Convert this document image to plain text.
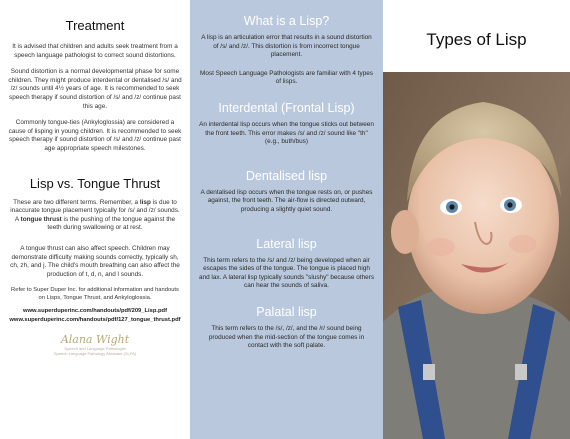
Treatment

It is advised that children and adults seek treatment from a speech language pathologist to correct sound distortions.

Sound distortion is a normal developmental phase for some children. They might produce interdental or dentalised /s/ and /z/ sounds until 4½ years of age. It is recommended to seek speech therapy if sound distortion of /s/ and /z/ continue past this age.

Commonly tongue-ties (Ankyloglossia) are considered a cause of lisping in young children. It is recommended to seek speech therapy if sound distortion of /s/ and /z/ continue past age appropriate speech milestones.

Lisp vs. Tongue Thrust

These are two different terms. Remember, a lisp is due to inaccurate tongue placement typically for /s/ and /z/ sounds. A tongue thrust is the pushing of the tongue against the teeth during swallowing or at rest.

A tongue thrust can also affect speech. Children may demonstrate difficulty making sounds correctly, typically sh, ch, zh, and j. The child's mouth breathing can also affect the production of t, d, n, and l sounds.

Refer to Super Duper Inc. for additional information and handouts on Lisps, Tongue Thrust, and Ankyloglossia.

www.superduperinc.com/handouts/pdf/209_Lisp.pdf
www.superduperinc.com/handouts/pdf/127_tongue_thrust.pdf
Alana Wight
Speech and Language Pathologist
Speech Language Pathology Assistant (SLPA)
What is a Lisp?

A lisp is an articulation error that results in a sound distortion of /s/ and /z/. This distortion is from incorrect tongue placement.

Most Speech Language Pathologists are familiar with 4 types of lisps.

Interdental (Frontal Lisp)

An interdental lisp occurs when the tongue sticks out between the front teeth. This error makes /s/ and /z/ sound like "th" (e.g., buth/bus)

Dentalised lisp

A dentalised lisp occurs when the tongue rests on, or pushes against, the front teeth. The air-flow is directed outward, producing a slightly quiet sound.

Lateral lisp

This term refers to the /s/ and /z/ being developed when air escapes the sides of the tongue. The tongue is placed high and lax. A lateral lisp typically sounds "slushy" because others can hear the sounds of saliva.

Palatal lisp

This term refers to the /s/, /z/, and the /r/ sound being produced when the mid-section of the tongue comes in contact with the soft palate.

Types of Lisp
